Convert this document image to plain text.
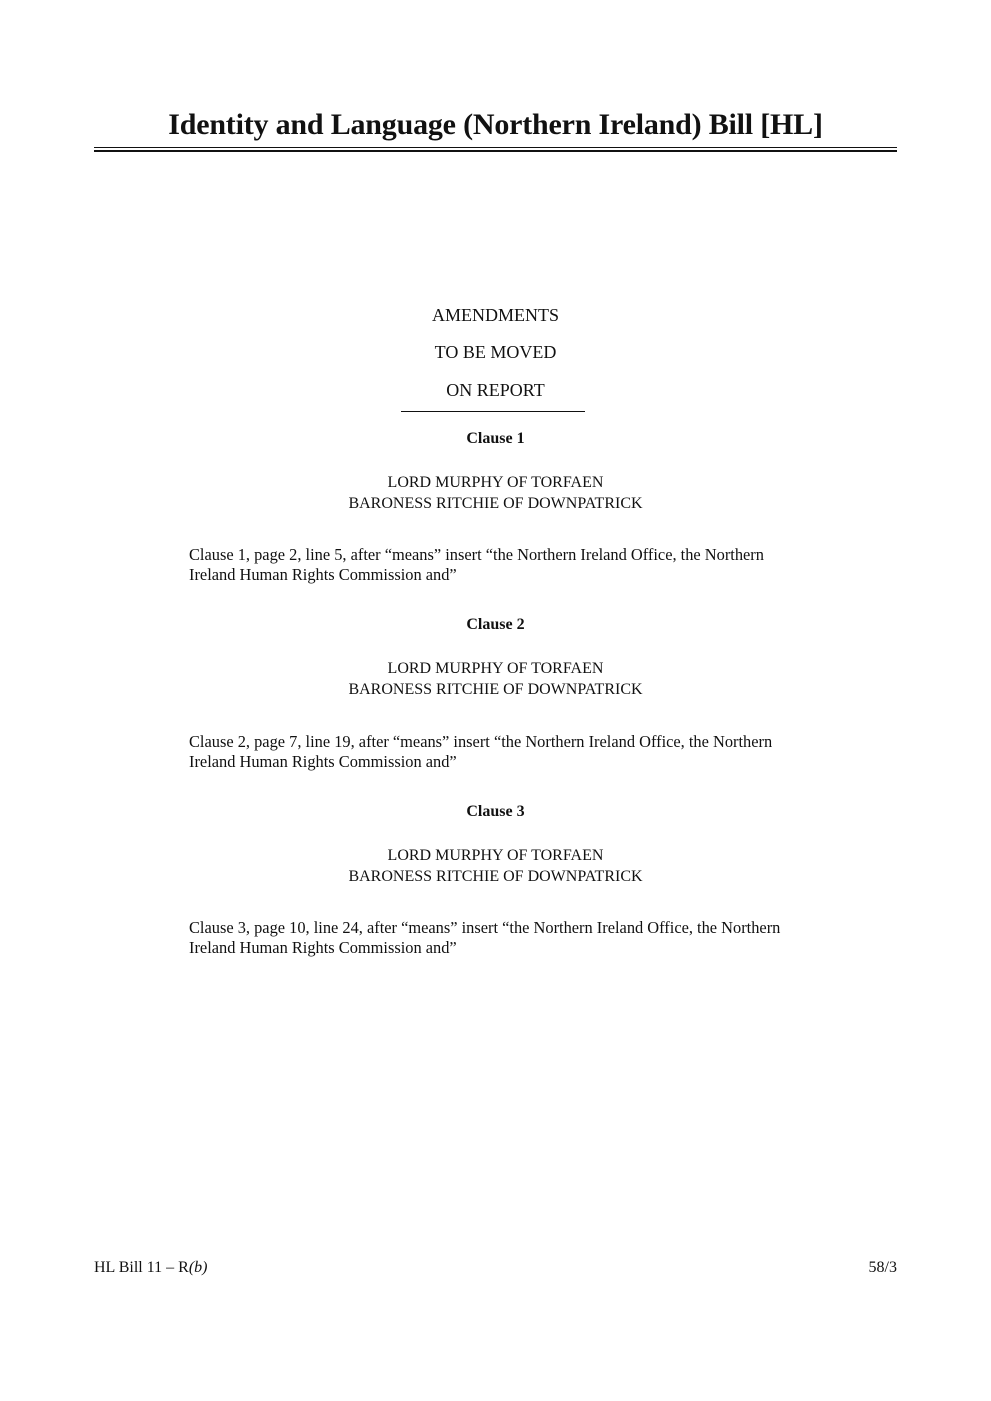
Identity and Language (Northern Ireland) Bill [HL]
AMENDMENTS
TO BE MOVED
ON REPORT
Clause 1
LORD MURPHY OF TORFAEN
BARONESS RITCHIE OF DOWNPATRICK
Clause 1, page 2, line 5, after “means” insert “the Northern Ireland Office, the Northern
Ireland Human Rights Commission and”
Clause 2
LORD MURPHY OF TORFAEN
BARONESS RITCHIE OF DOWNPATRICK
Clause 2, page 7, line 19, after “means” insert “the Northern Ireland Office, the Northern
Ireland Human Rights Commission and”
Clause 3
LORD MURPHY OF TORFAEN
BARONESS RITCHIE OF DOWNPATRICK
Clause 3, page 10, line 24, after “means” insert “the Northern Ireland Office, the Northern
Ireland Human Rights Commission and”
HL Bill 11 – R(b)	58/3
